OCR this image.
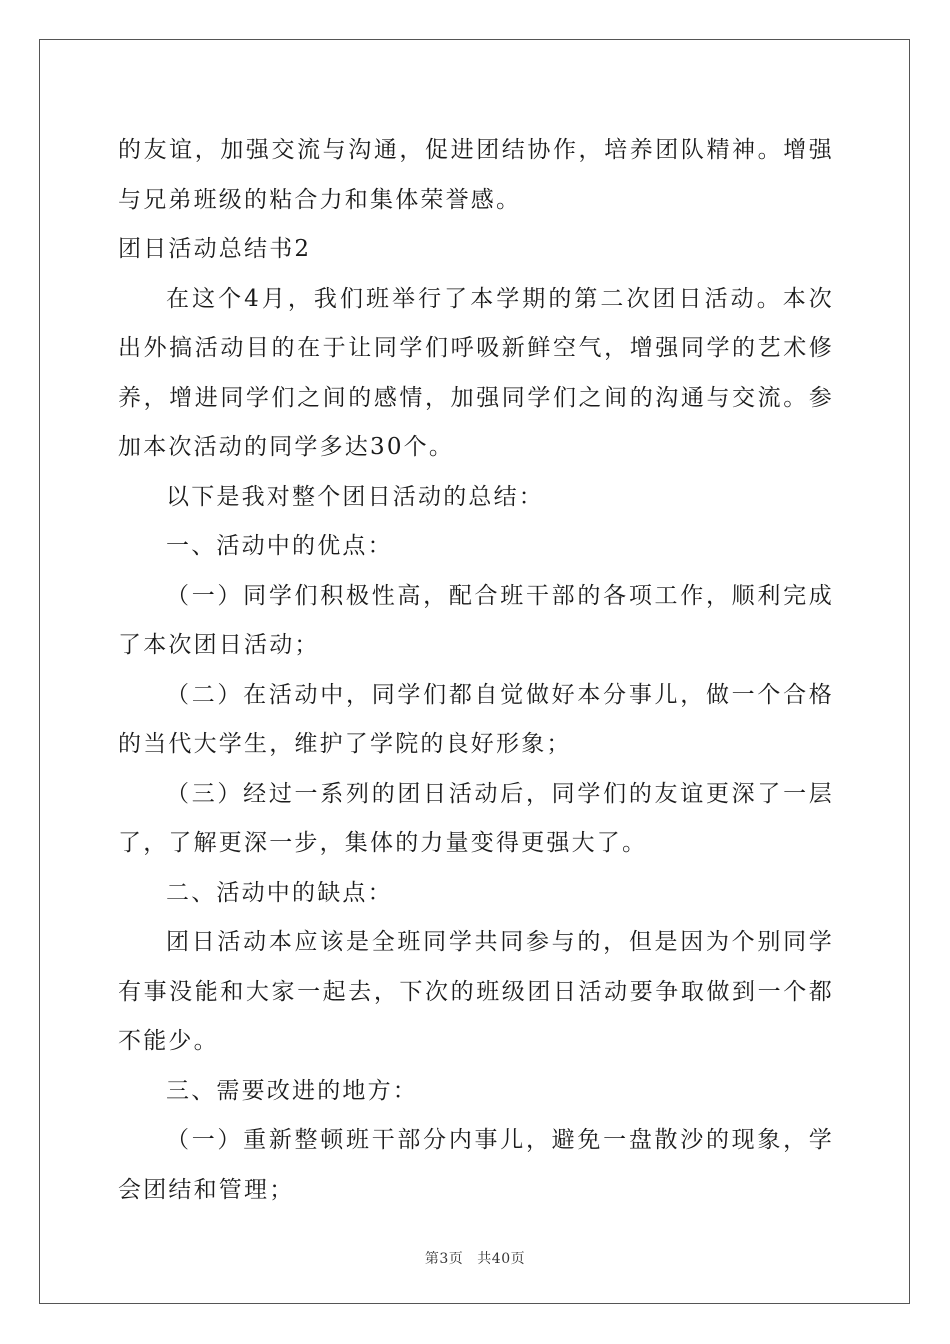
的友谊，加强交流与沟通，促进团结协作，培养团队精神。增强与兄弟班级的粘合力和集体荣誉感。

团日活动总结书2

在这个4月，我们班举行了本学期的第二次团日活动。本次出外搞活动目的在于让同学们呼吸新鲜空气，增强同学的艺术修养，增进同学们之间的感情，加强同学们之间的沟通与交流。参加本次活动的同学多达30个。

以下是我对整个团日活动的总结：

一、活动中的优点：

（一）同学们积极性高，配合班干部的各项工作，顺利完成了本次团日活动；

（二）在活动中，同学们都自觉做好本分事儿，做一个合格的当代大学生，维护了学院的良好形象；

（三）经过一系列的团日活动后，同学们的友谊更深了一层了，了解更深一步，集体的力量变得更强大了。

二、活动中的缺点：

团日活动本应该是全班同学共同参与的，但是因为个别同学有事没能和大家一起去，下次的班级团日活动要争取做到一个都不能少。

三、需要改进的地方：

（一）重新整顿班干部分内事儿，避免一盘散沙的现象，学会团结和管理；

第3页 共40页
